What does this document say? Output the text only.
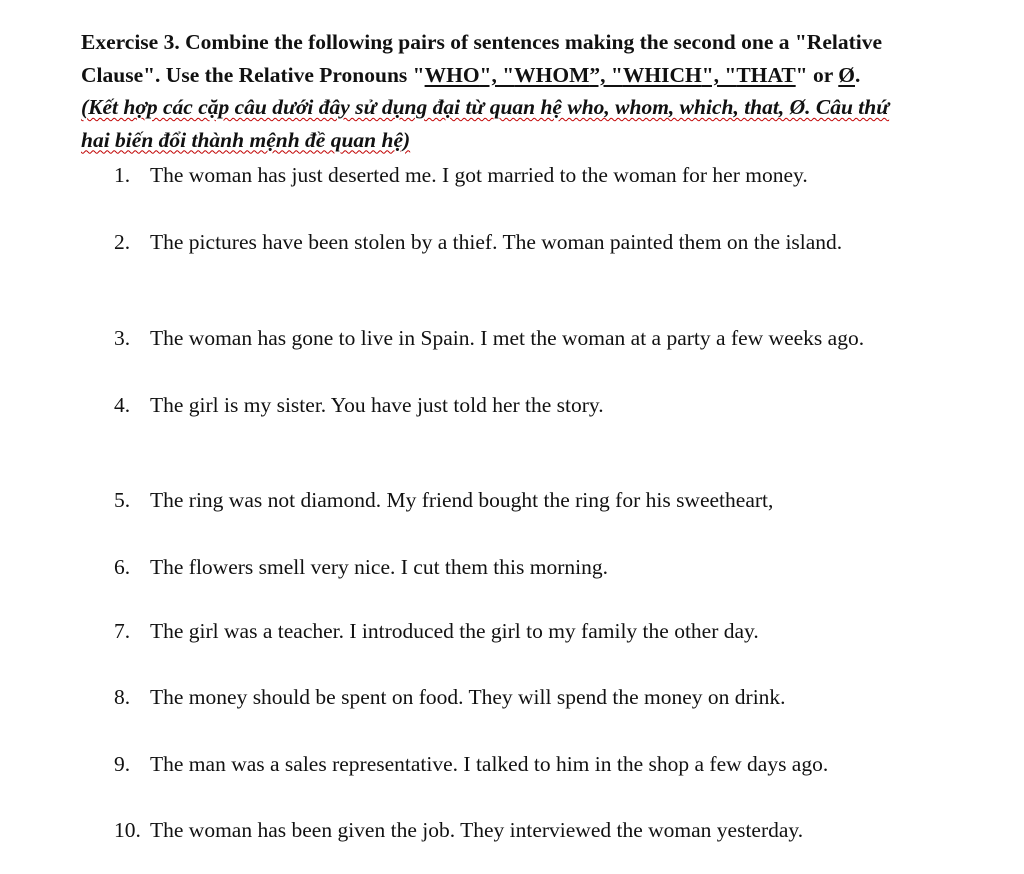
Exercise 3. Combine the following pairs of sentences making the second one a "Relative
Clause". Use the Relative Pronouns "WHO", "WHOM”, "WHICH", "THAT" or Ø.
(Kết hợp các cặp câu dưới đây sử dụng đại từ quan hệ who, whom, which, that, Ø. Câu thứ
hai biến đổi thành mệnh đề quan hệ)
1. The woman has just deserted me. I got married to the woman for her money.
2. The pictures have been stolen by a thief. The woman painted them on the island.
3. The woman has gone to live in Spain. I met the woman at a party a few weeks ago.
4. The girl is my sister. You have just told her the story.
5. The ring was not diamond. My friend bought the ring for his sweetheart,
6. The flowers smell very nice. I cut them this morning.
7. The girl was a teacher. I introduced the girl to my family the other day.
8. The money should be spent on food. They will spend the money on drink.
9. The man was a sales representative. I talked to him in the shop a few days ago.
10. The woman has been given the job. They interviewed the woman yesterday.
